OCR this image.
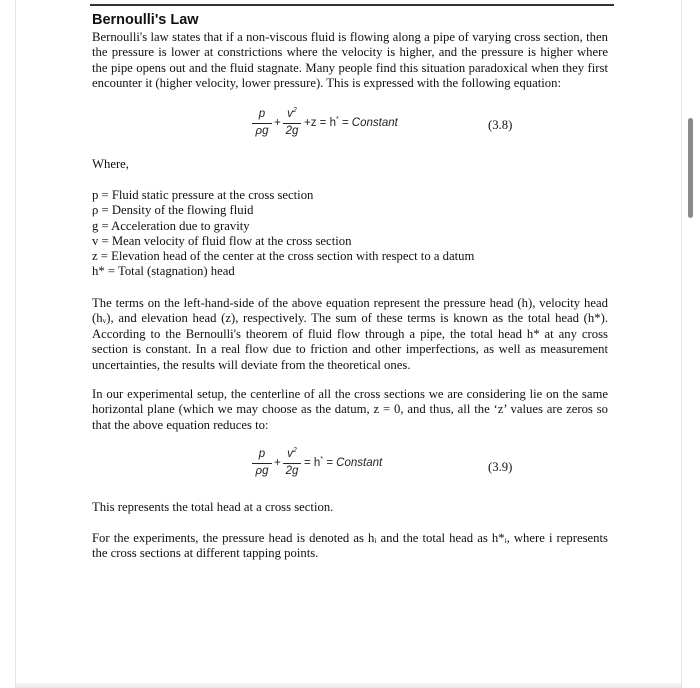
Bernoulli's Law

Bernoulli's law states that if a non-viscous fluid is flowing along a pipe of varying cross section, then the pressure is lower at constrictions where the velocity is higher, and the pressure is higher where the pipe opens out and the fluid stagnate. Many people find this situation paradoxical when they first encounter it (higher velocity, lower pressure). This is expressed with the following equation:

p
ρg
+
$v^2$
2g
+z = h* = Constant	(3.8)

Where,

p = Fluid static pressure at the cross section
ρ = Density of the flowing fluid
g = Acceleration due to gravity
v = Mean velocity of fluid flow at the cross section
z = Elevation head of the center at the cross section with respect to a datum
h* = Total (stagnation) head

The terms on the left-hand-side of the above equation represent the pressure head (h), velocity head (hᵥ), and elevation head (z), respectively. The sum of these terms is known as the total head (h*). According to the Bernoulli's theorem of fluid flow through a pipe, the total head h* at any cross section is constant. In a real flow due to friction and other imperfections, as well as measurement uncertainties, the results will deviate from the theoretical ones.

In our experimental setup, the centerline of all the cross sections we are considering lie on the same horizontal plane (which we may choose as the datum, z = 0, and thus, all the ‘z’ values are zeros so that the above equation reduces to:

p
ρg
+
$v^2$
2g
= h* = Constant	(3.9)

This represents the total head at a cross section.

For the experiments, the pressure head is denoted as hᵢ and the total head as h*ᵢ, where i represents the cross sections at different tapping points.
